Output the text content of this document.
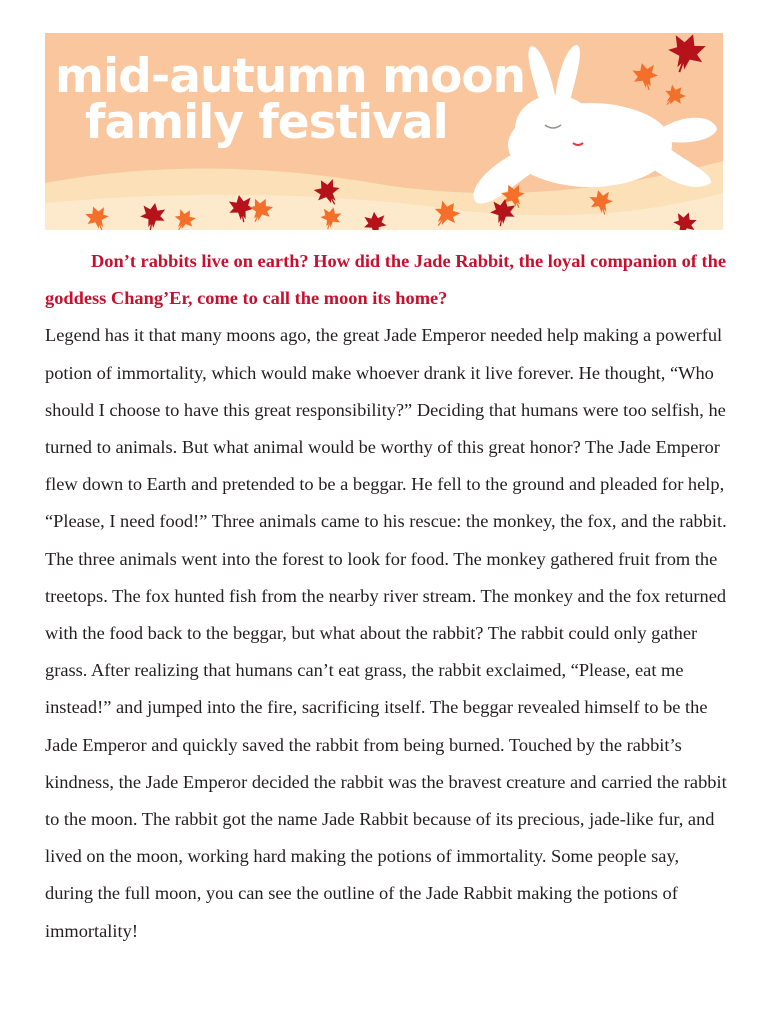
mid-autumn moon
family festival

Don’t rabbits live on earth? How did the Jade Rabbit, the loyal companion of the goddess Chang’Er, come to call the moon its home?

Legend has it that many moons ago, the great Jade Emperor needed help making a powerful potion of immortality, which would make whoever drank it live forever. He thought, “Who should I choose to have this great responsibility?” Deciding that humans were too selfish, he turned to animals. But what animal would be worthy of this great honor? The Jade Emperor flew down to Earth and pretended to be a beggar. He fell to the ground and pleaded for help, “Please, I need food!” Three animals came to his rescue: the monkey, the fox, and the rabbit. The three animals went into the forest to look for food. The monkey gathered fruit from the treetops. The fox hunted fish from the nearby river stream. The monkey and the fox returned with the food back to the beggar, but what about the rabbit? The rabbit could only gather grass. After realizing that humans can’t eat grass, the rabbit exclaimed, “Please, eat me instead!” and jumped into the fire, sacrificing itself. The beggar revealed himself to be the Jade Emperor and quickly saved the rabbit from being burned. Touched by the rabbit’s kindness, the Jade Emperor decided the rabbit was the bravest creature and carried the rabbit to the moon. The rabbit got the name Jade Rabbit because of its precious, jade-like fur, and lived on the moon, working hard making the potions of immortality. Some people say, during the full moon, you can see the outline of the Jade Rabbit making the potions of immortality!
